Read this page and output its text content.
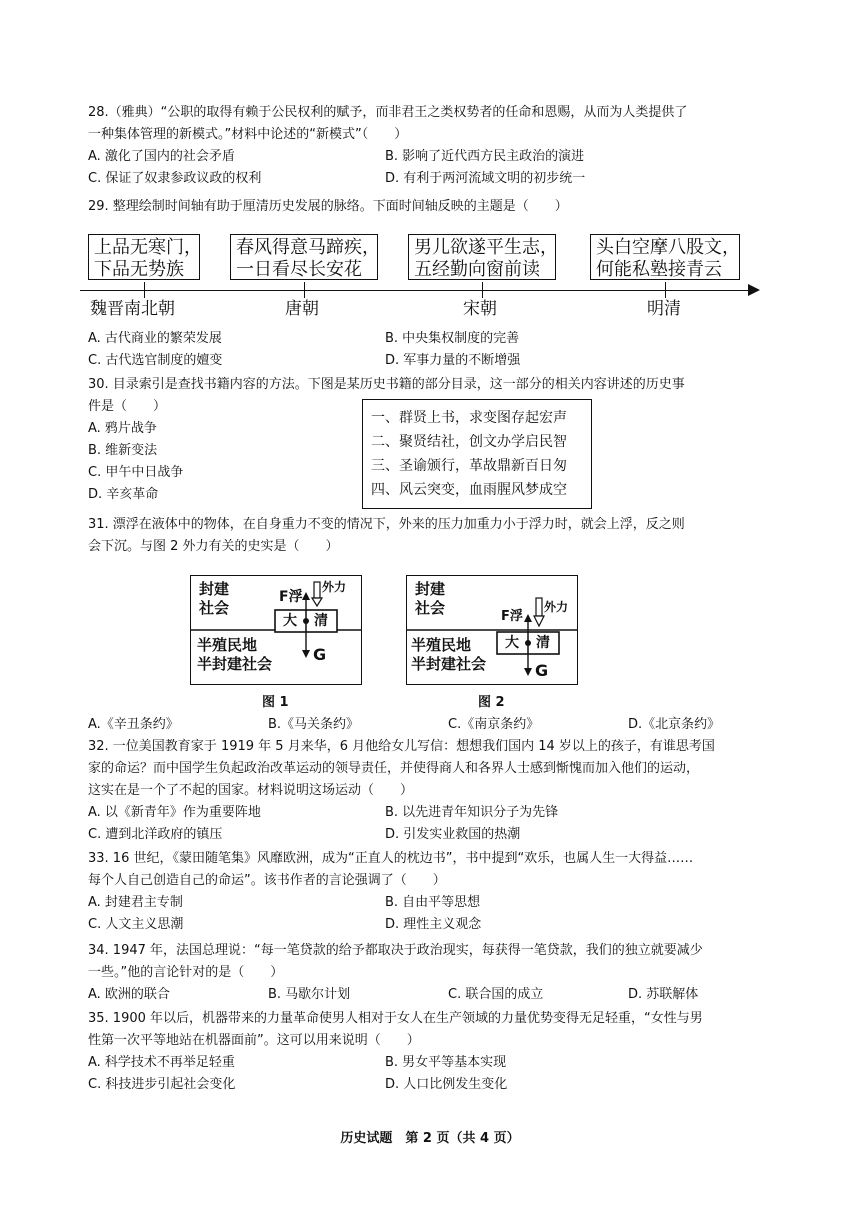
28.（雅典）“公职的取得有赖于公民权利的赋予，而非君王之类权势者的任命和恩赐，从而为人类提供了
一种集体管理的新模式。”材料中论述的“新模式”（　　）
A. 激化了国内的社会矛盾	B. 影响了近代西方民主政治的演进
C. 保证了奴隶参政议政的权利	D. 有利于两河流域文明的初步统一
29. 整理绘制时间轴有助于厘清历史发展的脉络。下面时间轴反映的主题是（　　）
上品无寒门，
下品无势族
春风得意马蹄疾，
一日看尽长安花
男儿欲遂平生志，
五经勤向窗前读
头白空摩八股文，
何能私塾接青云
魏晋南北朝	唐朝	宋朝	明清
A. 古代商业的繁荣发展	B. 中央集权制度的完善
C. 古代选官制度的嬗变	D. 军事力量的不断增强
30. 目录索引是查找书籍内容的方法。下图是某历史书籍的部分目录，这一部分的相关内容讲述的历史事
件是（　　）
A. 鸦片战争
B. 维新变法
C. 甲午中日战争
D. 辛亥革命
一、群贤上书，求变图存起宏声
二、聚贤结社，创文办学启民智
三、圣谕颁行，革故鼎新百日匆
四、风云突变，血雨腥风梦成空
31. 漂浮在液体中的物体，在自身重力不变的情况下，外来的压力加重力小于浮力时，就会上浮，反之则
会下沉。与图 2 外力有关的史实是（　　）
封建
社会
半殖民地
半封建社会
F浮
外力
大 清
G
封建
社会
半殖民地
半封建社会
F浮
外力
大 清
G
图 1	图 2
A.《辛丑条约》	B.《马关条约》	C.《南京条约》	D.《北京条约》
32. 一位美国教育家于 1919 年 5 月来华，6 月他给女儿写信：想想我们国内 14 岁以上的孩子，有谁思考国
家的命运？而中国学生负起政治改革运动的领导责任，并使得商人和各界人士感到惭愧而加入他们的运动，
这实在是一个了不起的国家。材料说明这场运动（　　）
A. 以《新青年》作为重要阵地	B. 以先进青年知识分子为先锋
C. 遭到北洋政府的镇压	D. 引发实业救国的热潮
33. 16 世纪，《蒙田随笔集》风靡欧洲，成为“正直人的枕边书”，书中提到“欢乐，也属人生一大得益……
每个人自己创造自己的命运”。该书作者的言论强调了（　　）
A. 封建君主专制	B. 自由平等思想
C. 人文主义思潮	D. 理性主义观念
34. 1947 年，法国总理说：“每一笔贷款的给予都取决于政治现实，每获得一笔贷款，我们的独立就要减少
一些。”他的言论针对的是（　　）
A. 欧洲的联合	B. 马歇尔计划	C. 联合国的成立	D. 苏联解体
35. 1900 年以后，机器带来的力量革命使男人相对于女人在生产领域的力量优势变得无足轻重，“女性与男
性第一次平等地站在机器面前”。这可以用来说明（　　）
A. 科学技术不再举足轻重	B. 男女平等基本实现
C. 科技进步引起社会变化	D. 人口比例发生变化
历史试题　第 2 页（共 4 页）
